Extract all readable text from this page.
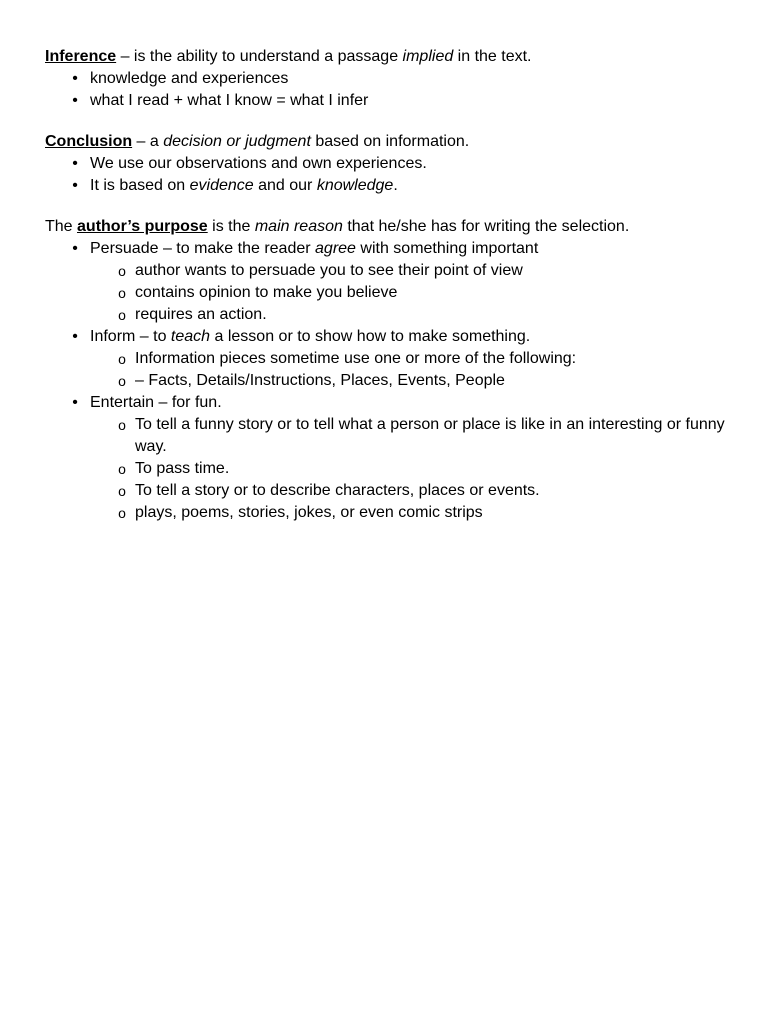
Inference – is the ability to understand a passage implied in the text.
• knowledge and experiences
• what I read + what I know = what I infer
Conclusion – a decision or judgment based on information.
• We use our observations and own experiences.
• It is based on evidence and our knowledge.
The author’s purpose is the main reason that he/she has for writing the selection.
• Persuade – to make the reader agree with something important
o author wants to persuade you to see their point of view
o contains opinion to make you believe
o requires an action.
• Inform – to teach a lesson or to show how to make something.
o Information pieces sometime use one or more of the following:
o – Facts, Details/Instructions, Places, Events, People
• Entertain – for fun.
o To tell a funny story or to tell what a person or place is like in an interesting or funny way.
o To pass time.
o To tell a story or to describe characters, places or events.
o plays, poems, stories, jokes, or even comic strips
